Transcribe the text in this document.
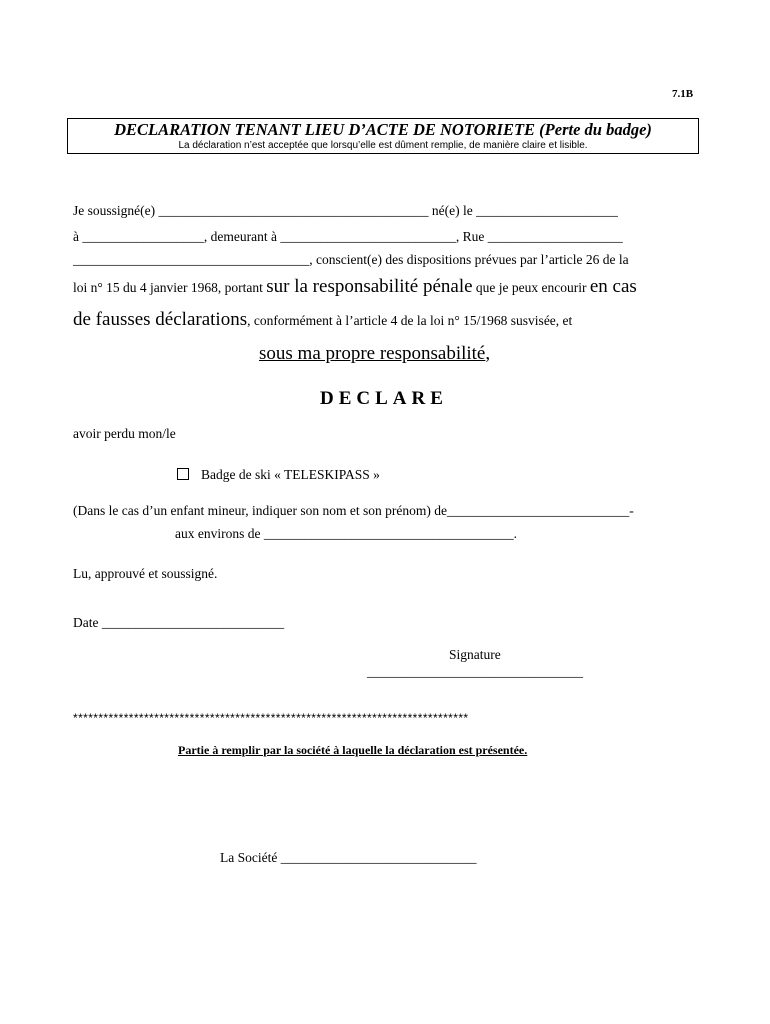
7.1B
DECLARATION TENANT LIEU D’ACTE DE NOTORIETE (Perte du badge)
La déclaration n’est acceptée que lorsqu’elle est dûment remplie, de manière claire et lisible.
Je soussigné(e) ________________________________________ né(e) le _____________________
à __________________, demeurant à __________________________, Rue ____________________
___________________________________, conscient(e) des dispositions prévues par l’article 26 de la
loi n° 15 du 4 janvier 1968, portant sur la responsabilité pénale que je peux encourir en cas
de fausses déclarations, conformément à l’article 4 de la loi n° 15/1968 susvisée, et
sous ma propre responsabilité,
DECLARE
avoir perdu mon/le
Badge de ski « TELESKIPASS »
(Dans le cas d’un enfant mineur, indiquer son nom et son prénom) de___________________________-
aux environs de _____________________________________.
Lu, approuvé et soussigné.
Date ___________________________
Signature
________________________________
******************************************************************************
Partie à remplir par la société à laquelle la déclaration est présentée.
La Société _____________________________
